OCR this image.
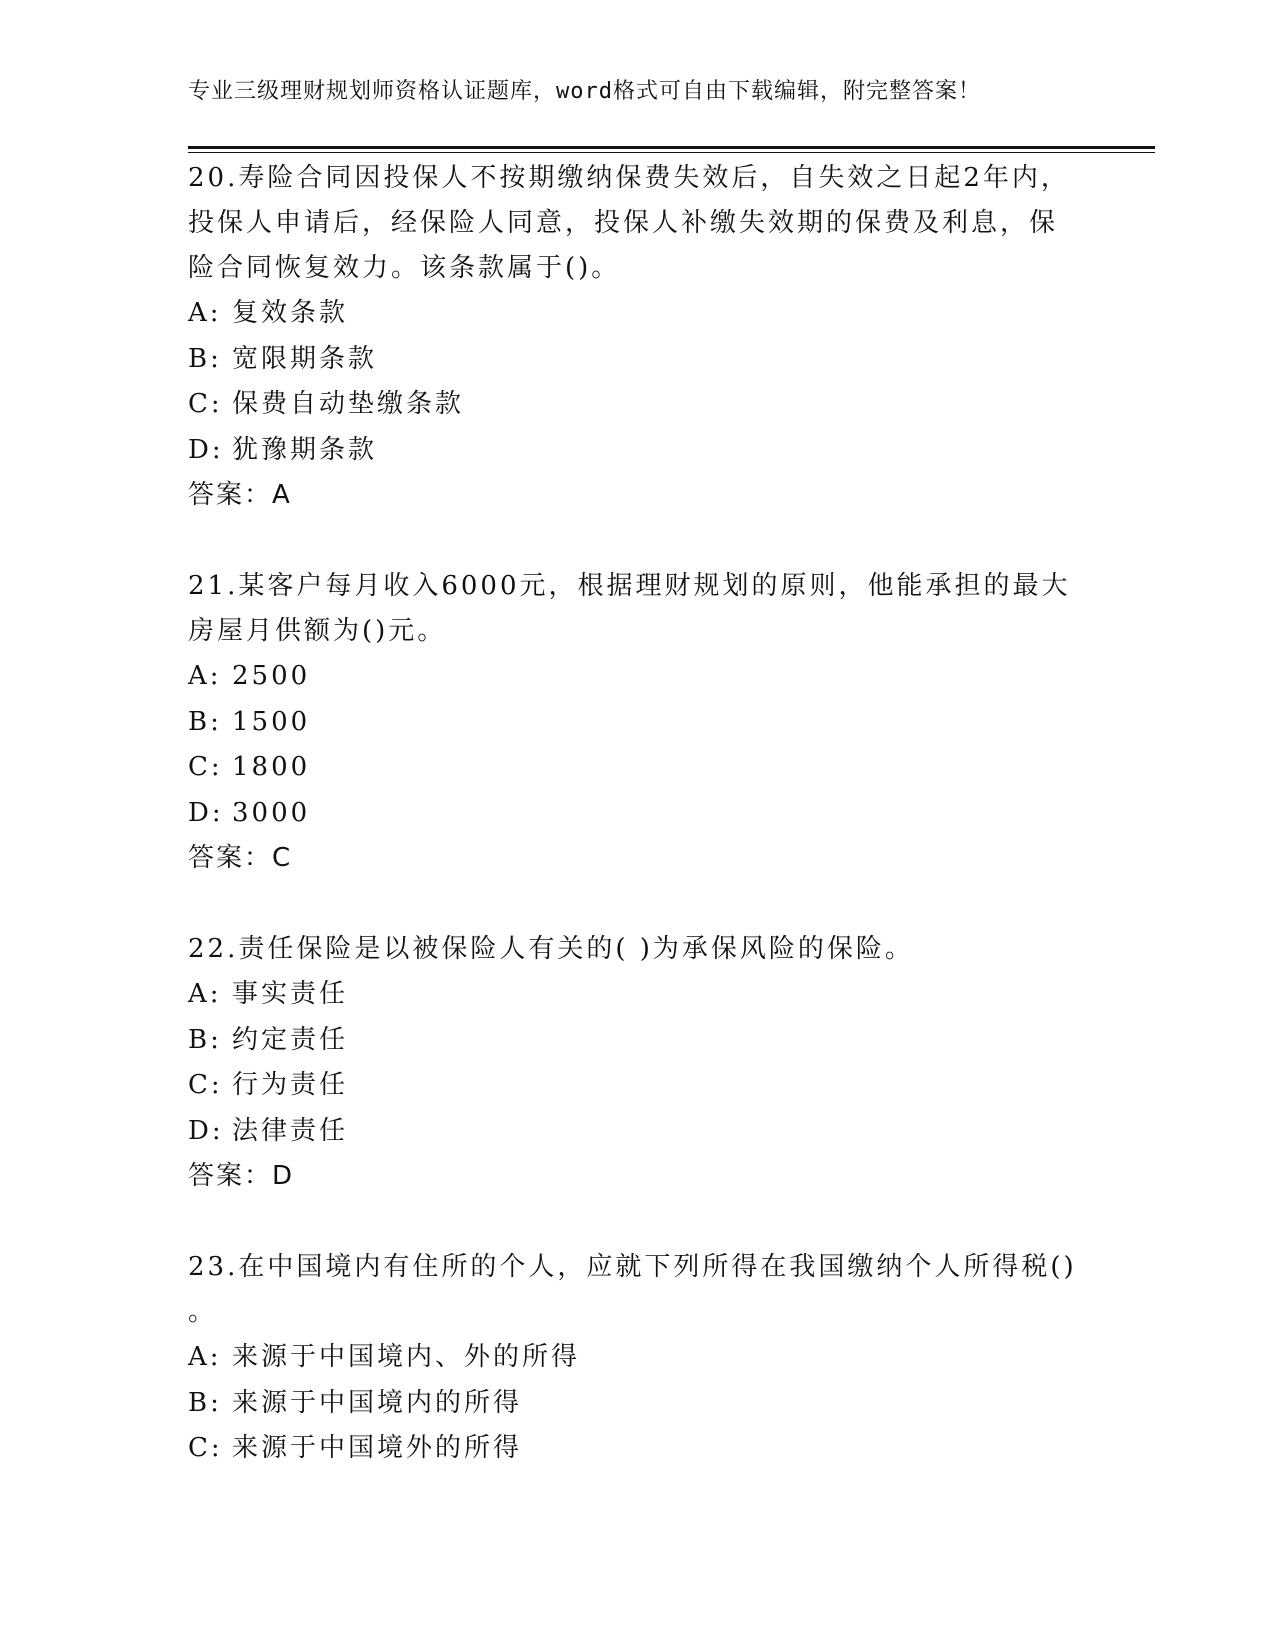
专业三级理财规划师资格认证题库，word格式可自由下载编辑，附完整答案！

20.寿险合同因投保人不按期缴纳保费失效后，自失效之日起2年内，

投保人申请后，经保险人同意，投保人补缴失效期的保费及利息，保

险合同恢复效力。该条款属于()。

A: 复效条款

B: 宽限期条款

C: 保费自动垫缴条款

D: 犹豫期条款

答案：A

21.某客户每月收入6000元，根据理财规划的原则，他能承担的最大

房屋月供额为()元。

A: 2500

B: 1500

C: 1800

D: 3000

答案：C

22.责任保险是以被保险人有关的( )为承保风险的保险。

A: 事实责任

B: 约定责任

C: 行为责任

D: 法律责任

答案：D

23.在中国境内有住所的个人，应就下列所得在我国缴纳个人所得税()

。

A: 来源于中国境内、外的所得

B: 来源于中国境内的所得

C: 来源于中国境外的所得
